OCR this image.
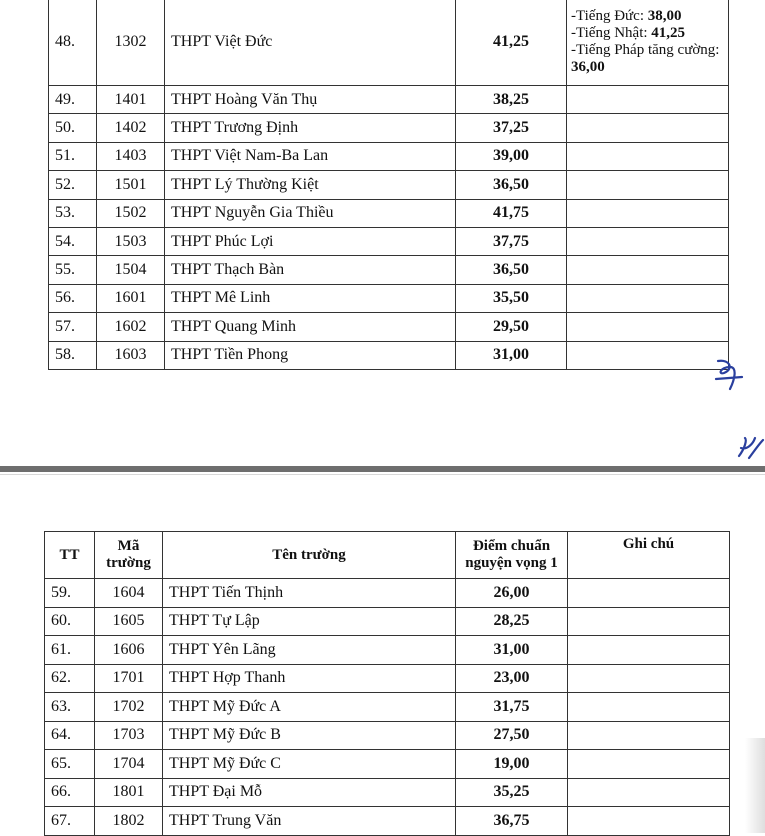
48.	1302	THPT Việt Đức	41,25	-Tiếng Đức: 38,00
-Tiếng Nhật: 41,25
-Tiếng Pháp tăng cường: 36,00

49.	1401	THPT Hoàng Văn Thụ	38,25	
50.	1402	THPT Trương Định	37,25	
51.	1403	THPT Việt Nam-Ba Lan	39,00	
52.	1501	THPT Lý Thường Kiệt	36,50	
53.	1502	THPT Nguyễn Gia Thiều	41,75	
54.	1503	THPT Phúc Lợi	37,75	
55.	1504	THPT Thạch Bàn	36,50	
56.	1601	THPT Mê Linh	35,50	
57.	1602	THPT Quang Minh	29,50	
58.	1603	THPT Tiền Phong	31,00	
TT	Mã trường	Tên trường	Điểm chuẩn nguyện vọng 1	Ghi chú
59.	1604	THPT Tiến Thịnh	26,00	
60.	1605	THPT Tự Lập	28,25	
61.	1606	THPT Yên Lãng	31,00	
62.	1701	THPT Hợp Thanh	23,00	
63.	1702	THPT Mỹ Đức A	31,75	
64.	1703	THPT Mỹ Đức B	27,50	
65.	1704	THPT Mỹ Đức C	19,00	
66.	1801	THPT Đại Mỗ	35,25	
67.	1802	THPT Trung Văn	36,75	
